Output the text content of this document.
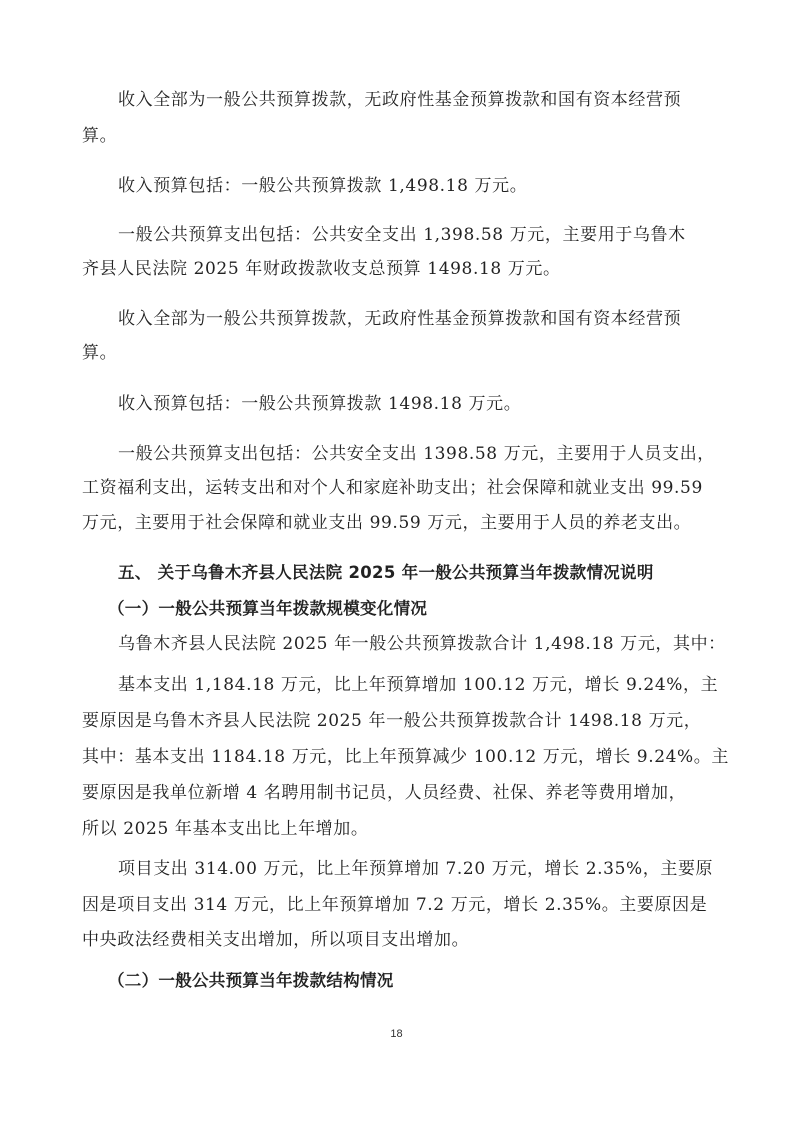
收入全部为一般公共预算拨款，无政府性基金预算拨款和国有资本经营预
算。
收入预算包括：一般公共预算拨款 1,498.18 万元。
一般公共预算支出包括：公共安全支出 1,398.58 万元，主要用于乌鲁木
齐县人民法院 2025 年财政拨款收支总预算 1498.18 万元。
收入全部为一般公共预算拨款，无政府性基金预算拨款和国有资本经营预
算。
收入预算包括：一般公共预算拨款 1498.18 万元。
一般公共预算支出包括：公共安全支出 1398.58 万元，主要用于人员支出，
工资福利支出，运转支出和对个人和家庭补助支出；社会保障和就业支出 99.59
万元，主要用于社会保障和就业支出 99.59 万元，主要用于人员的养老支出。
五、 关于乌鲁木齐县人民法院 2025 年一般公共预算当年拨款情况说明
（一）一般公共预算当年拨款规模变化情况
乌鲁木齐县人民法院 2025 年一般公共预算拨款合计 1,498.18 万元，其中：
基本支出 1,184.18 万元，比上年预算增加 100.12 万元，增长 9.24%，主
要原因是乌鲁木齐县人民法院 2025 年一般公共预算拨款合计 1498.18 万元，
其中：基本支出 1184.18 万元，比上年预算减少 100.12 万元，增长 9.24%。主
要原因是我单位新增 4 名聘用制书记员，人员经费、社保、养老等费用增加，
所以 2025 年基本支出比上年增加。
项目支出 314.00 万元，比上年预算增加 7.20 万元，增长 2.35%，主要原
因是项目支出 314 万元，比上年预算增加 7.2 万元，增长 2.35%。主要原因是
中央政法经费相关支出增加，所以项目支出增加。
（二）一般公共预算当年拨款结构情况
18
